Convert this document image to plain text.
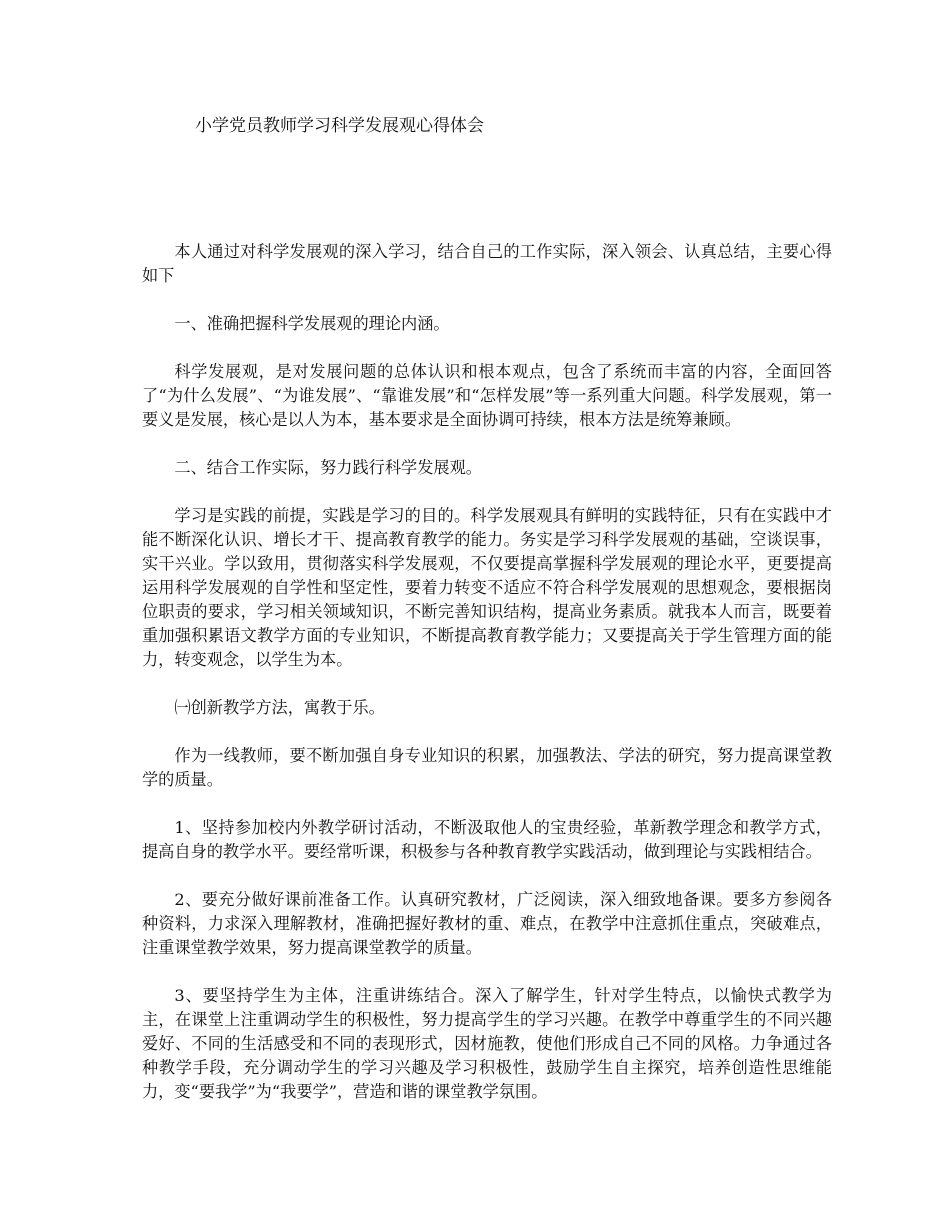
小学党员教师学习科学发展观心得体会

本人通过对科学发展观的深入学习，结合自己的工作实际，深入领会、认真总结，主要心得如下

一、准确把握科学发展观的理论内涵。

科学发展观，是对发展问题的总体认识和根本观点，包含了系统而丰富的内容，全面回答了“为什么发展”、“为谁发展”、“靠谁发展”和“怎样发展”等一系列重大问题。科学发展观，第一要义是发展，核心是以人为本，基本要求是全面协调可持续，根本方法是统筹兼顾。

二、结合工作实际，努力践行科学发展观。

学习是实践的前提，实践是学习的目的。科学发展观具有鲜明的实践特征，只有在实践中才能不断深化认识、增长才干、提高教育教学的能力。务实是学习科学发展观的基础，空谈误事，实干兴业。学以致用，贯彻落实科学发展观，不仅要提高掌握科学发展观的理论水平，更要提高运用科学发展观的自学性和坚定性，要着力转变不适应不符合科学发展观的思想观念，要根据岗位职责的要求，学习相关领域知识，不断完善知识结构，提高业务素质。就我本人而言，既要着重加强积累语文教学方面的专业知识，不断提高教育教学能力；又要提高关于学生管理方面的能力，转变观念，以学生为本。

㈠创新教学方法，寓教于乐。

作为一线教师，要不断加强自身专业知识的积累，加强教法、学法的研究，努力提高课堂教学的质量。

1、坚持参加校内外教学研讨活动，不断汲取他人的宝贵经验，革新教学理念和教学方式，提高自身的教学水平。要经常听课，积极参与各种教育教学实践活动，做到理论与实践相结合。

2、要充分做好课前准备工作。认真研究教材，广泛阅读，深入细致地备课。要多方参阅各种资料，力求深入理解教材，准确把握好教材的重、难点，在教学中注意抓住重点，突破难点，注重课堂教学效果，努力提高课堂教学的质量。

3、要坚持学生为主体，注重讲练结合。深入了解学生，针对学生特点，以愉快式教学为主，在课堂上注重调动学生的积极性，努力提高学生的学习兴趣。在教学中尊重学生的不同兴趣爱好、不同的生活感受和不同的表现形式，因材施教，使他们形成自己不同的风格。力争通过各种教学手段，充分调动学生的学习兴趣及学习积极性，鼓励学生自主探究，培养创造性思维能力，变“要我学”为“我要学”，营造和谐的课堂教学氛围。
